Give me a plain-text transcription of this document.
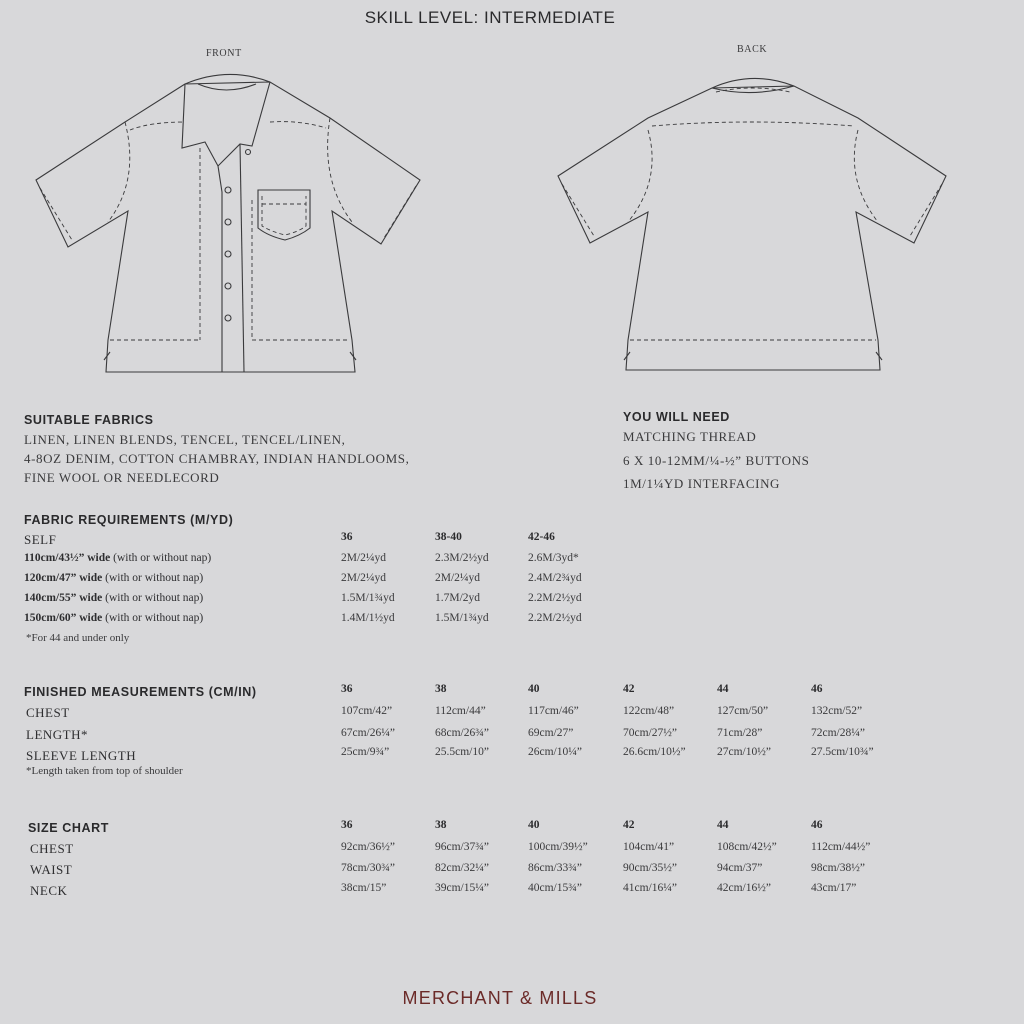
SKILL LEVEL: INTERMEDIATE
FRONT	BACK
SUITABLE FABRICS
LINEN, LINEN BLENDS, TENCEL, TENCEL/LINEN,
4-8OZ DENIM, COTTON CHAMBRAY, INDIAN HANDLOOMS,
FINE WOOL OR NEEDLECORD
YOU WILL NEED
MATCHING THREAD
6 X 10-12MM/¼-½” BUTTONS
1M/1¼YD INTERFACING
FABRIC REQUIREMENTS (M/YD)
SELF	36	38-40	42-46
110cm/43½” wide (with or without nap)	2M/2¼yd	2.3M/2½yd	2.6M/3yd*
120cm/47” wide (with or without nap)	2M/2¼yd	2M/2¼yd	2.4M/2¾yd
140cm/55” wide (with or without nap)	1.5M/1¾yd	1.7M/2yd	2.2M/2½yd
150cm/60” wide (with or without nap)	1.4M/1½yd	1.5M/1¾yd	2.2M/2½yd
*For 44 and under only
FINISHED MEASUREMENTS (CM/IN)	36	38	40	42	44	46
CHEST	107cm/42”	112cm/44”	117cm/46”	122cm/48”	127cm/50”	132cm/52”
LENGTH*	67cm/26¼”	68cm/26¾”	69cm/27”	70cm/27½”	71cm/28”	72cm/28¼”
SLEEVE LENGTH	25cm/9¾”	25.5cm/10”	26cm/10¼”	26.6cm/10½”	27cm/10½”	27.5cm/10¾”
*Length taken from top of shoulder
SIZE CHART	36	38	40	42	44	46
CHEST	92cm/36½”	96cm/37¾”	100cm/39½”	104cm/41”	108cm/42½”	112cm/44½”
WAIST	78cm/30¾”	82cm/32¼”	86cm/33¾”	90cm/35½”	94cm/37”	98cm/38½”
NECK	38cm/15”	39cm/15¼”	40cm/15¾”	41cm/16¼”	42cm/16½”	43cm/17”
MERCHANT & MILLS
